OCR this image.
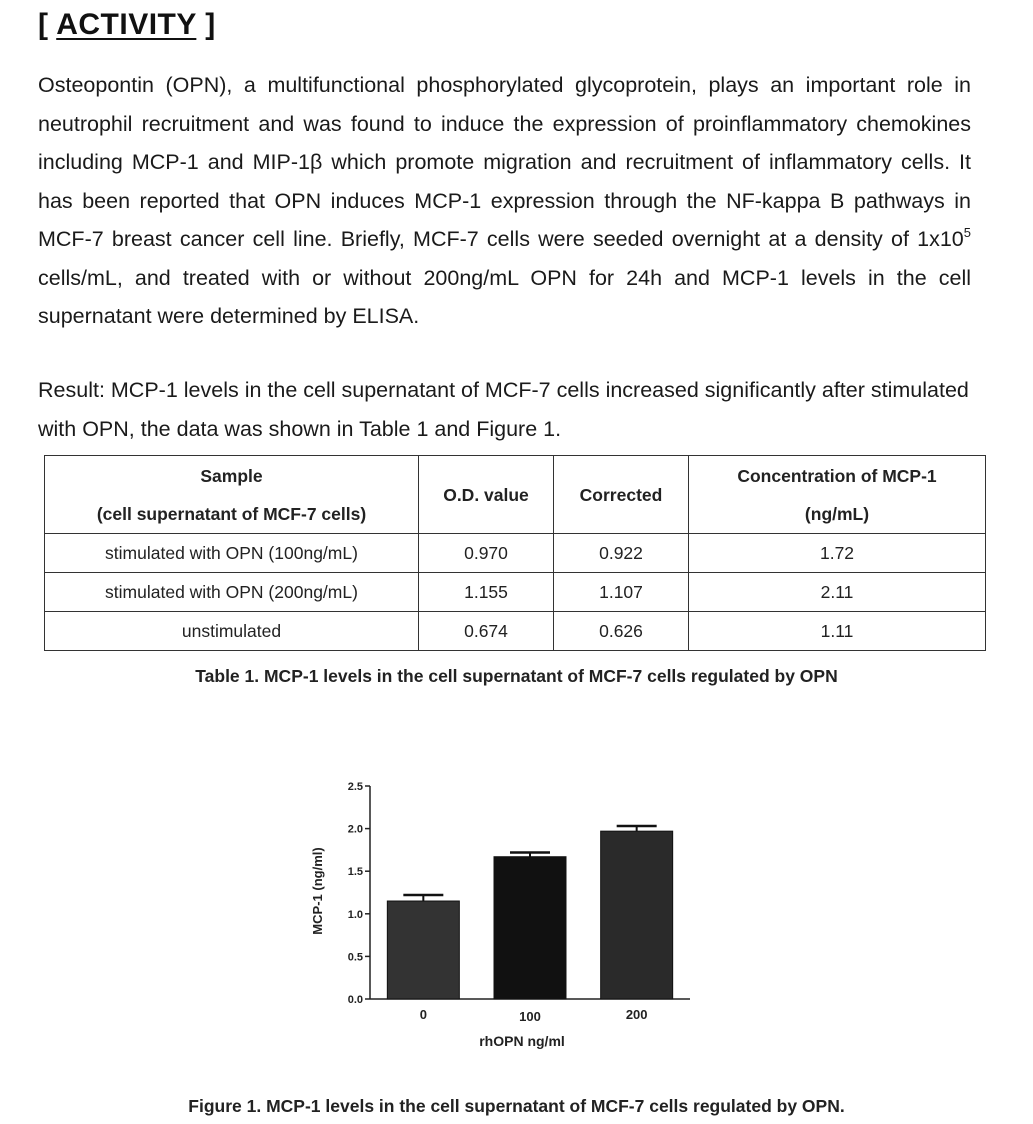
[ ACTIVITY ]
Osteopontin (OPN), a multifunctional phosphorylated glycoprotein, plays an important role in neutrophil recruitment and was found to induce the expression of proinflammatory chemokines including MCP-1 and MIP-1β which promote migration and recruitment of inflammatory cells. It has been reported that OPN induces MCP-1 expression through the NF-kappa B pathways in MCF-7 breast cancer cell line. Briefly, MCF-7 cells were seeded overnight at a density of $1x10^5$ cells/mL, and treated with or without 200ng/mL OPN for 24h and MCP-1 levels in the cell supernatant were determined by ELISA.
Result: MCP-1 levels in the cell supernatant of MCF-7 cells increased significantly after stimulated with OPN, the data was shown in Table 1 and Figure 1.
Sample
(cell supernatant of MCF-7 cells)	O.D. value	Corrected	Concentration of MCP-1
(ng/mL)
stimulated with OPN (100ng/mL)	0.970	0.922	1.72
stimulated with OPN (200ng/mL)	1.155	1.107	2.11
unstimulated	0.674	0.626	1.11
Table 1. MCP-1 levels in the cell supernatant of MCF-7 cells regulated by OPN
0.0
0.5
1.0
1.5
2.0
2.5
0	100	200
MCP-1 (ng/ml)
rhOPN ng/ml
Figure 1. MCP-1 levels in the cell supernatant of MCF-7 cells regulated by OPN.
